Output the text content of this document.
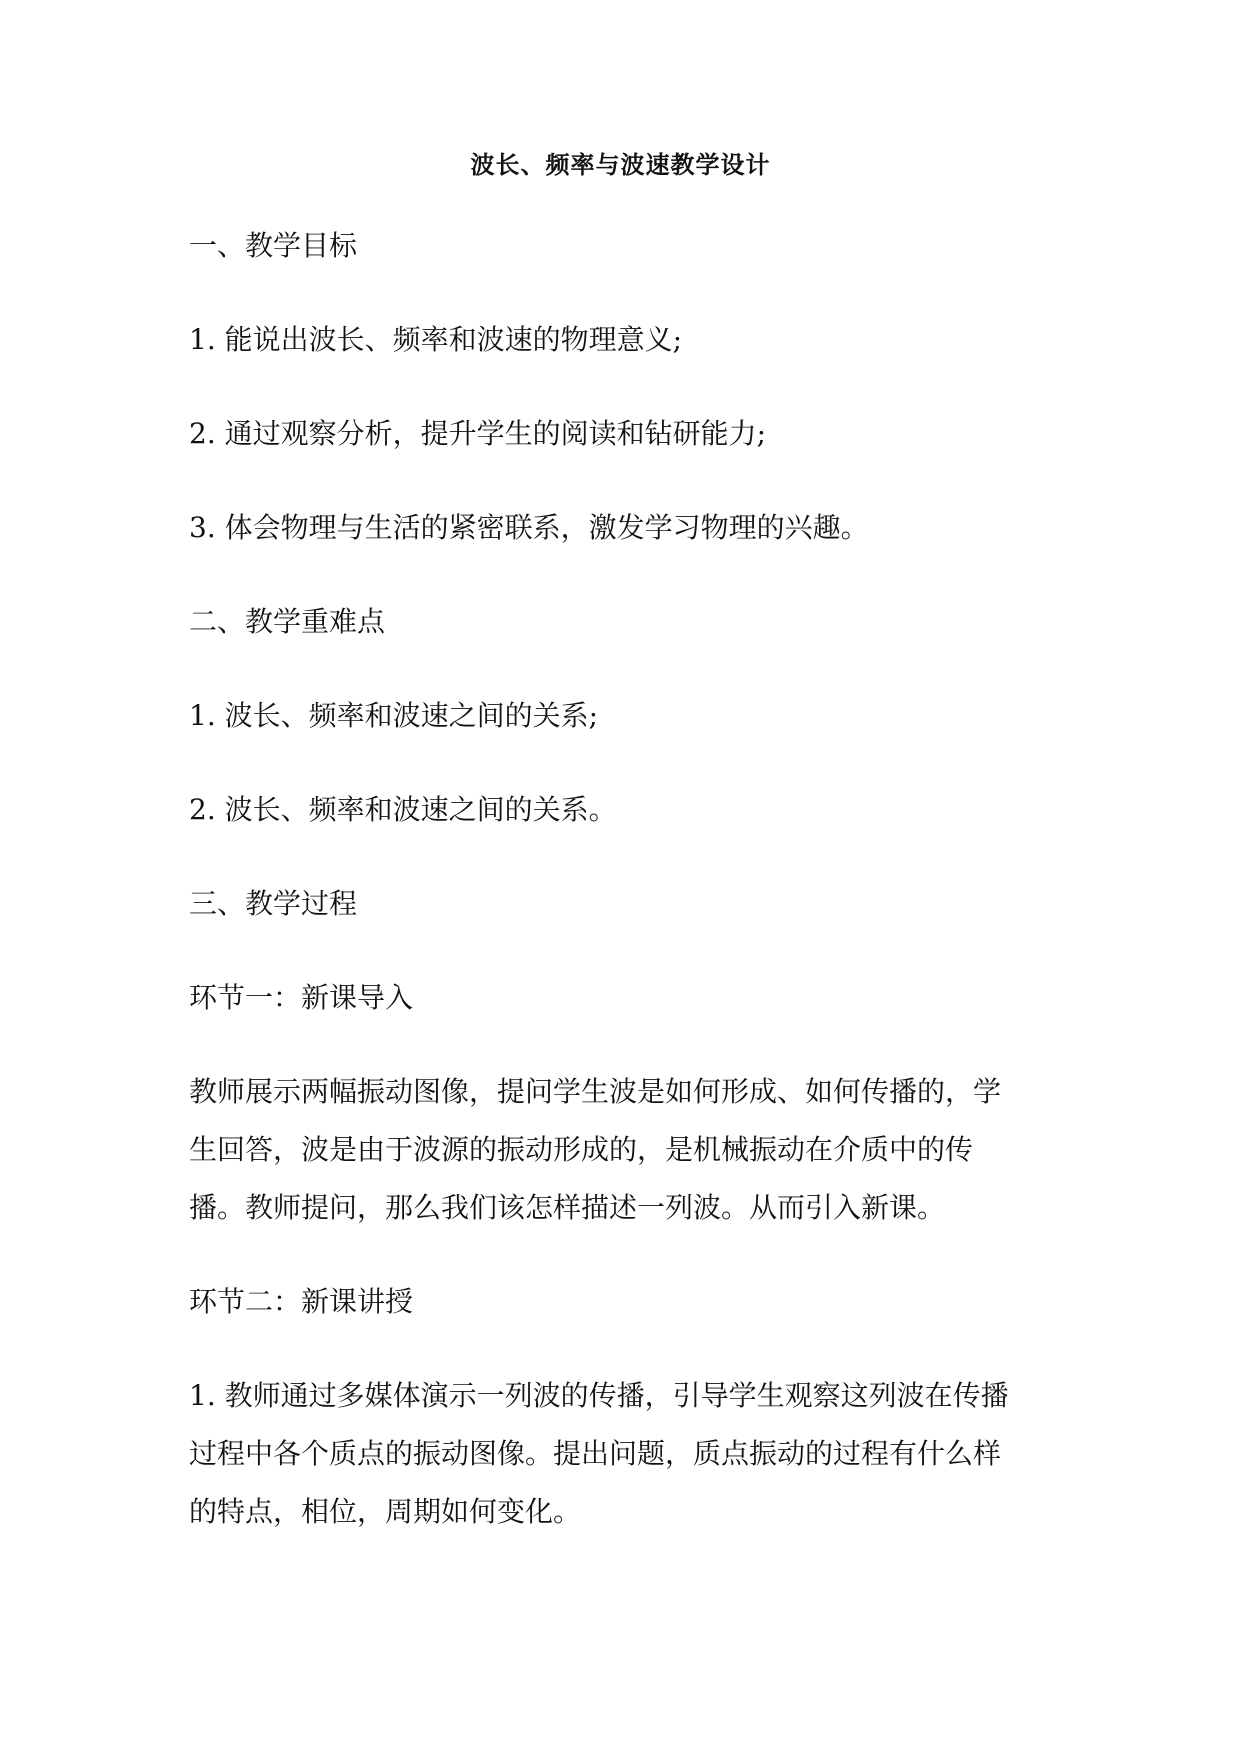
波长、频率与波速教学设计
一、教学目标
1. 能说出波长、频率和波速的物理意义;
2. 通过观察分析，提升学生的阅读和钻研能力;
3. 体会物理与生活的紧密联系，激发学习物理的兴趣。
二、教学重难点
1. 波长、频率和波速之间的关系;
2. 波长、频率和波速之间的关系。
三、教学过程
环节一：新课导入
教师展示两幅振动图像，提问学生波是如何形成、如何传播的，学
生回答，波是由于波源的振动形成的，是机械振动在介质中的传
播。教师提问，那么我们该怎样描述一列波。从而引入新课。
环节二：新课讲授
1. 教师通过多媒体演示一列波的传播，引导学生观察这列波在传播
过程中各个质点的振动图像。提出问题，质点振动的过程有什么样
的特点，相位，周期如何变化。
